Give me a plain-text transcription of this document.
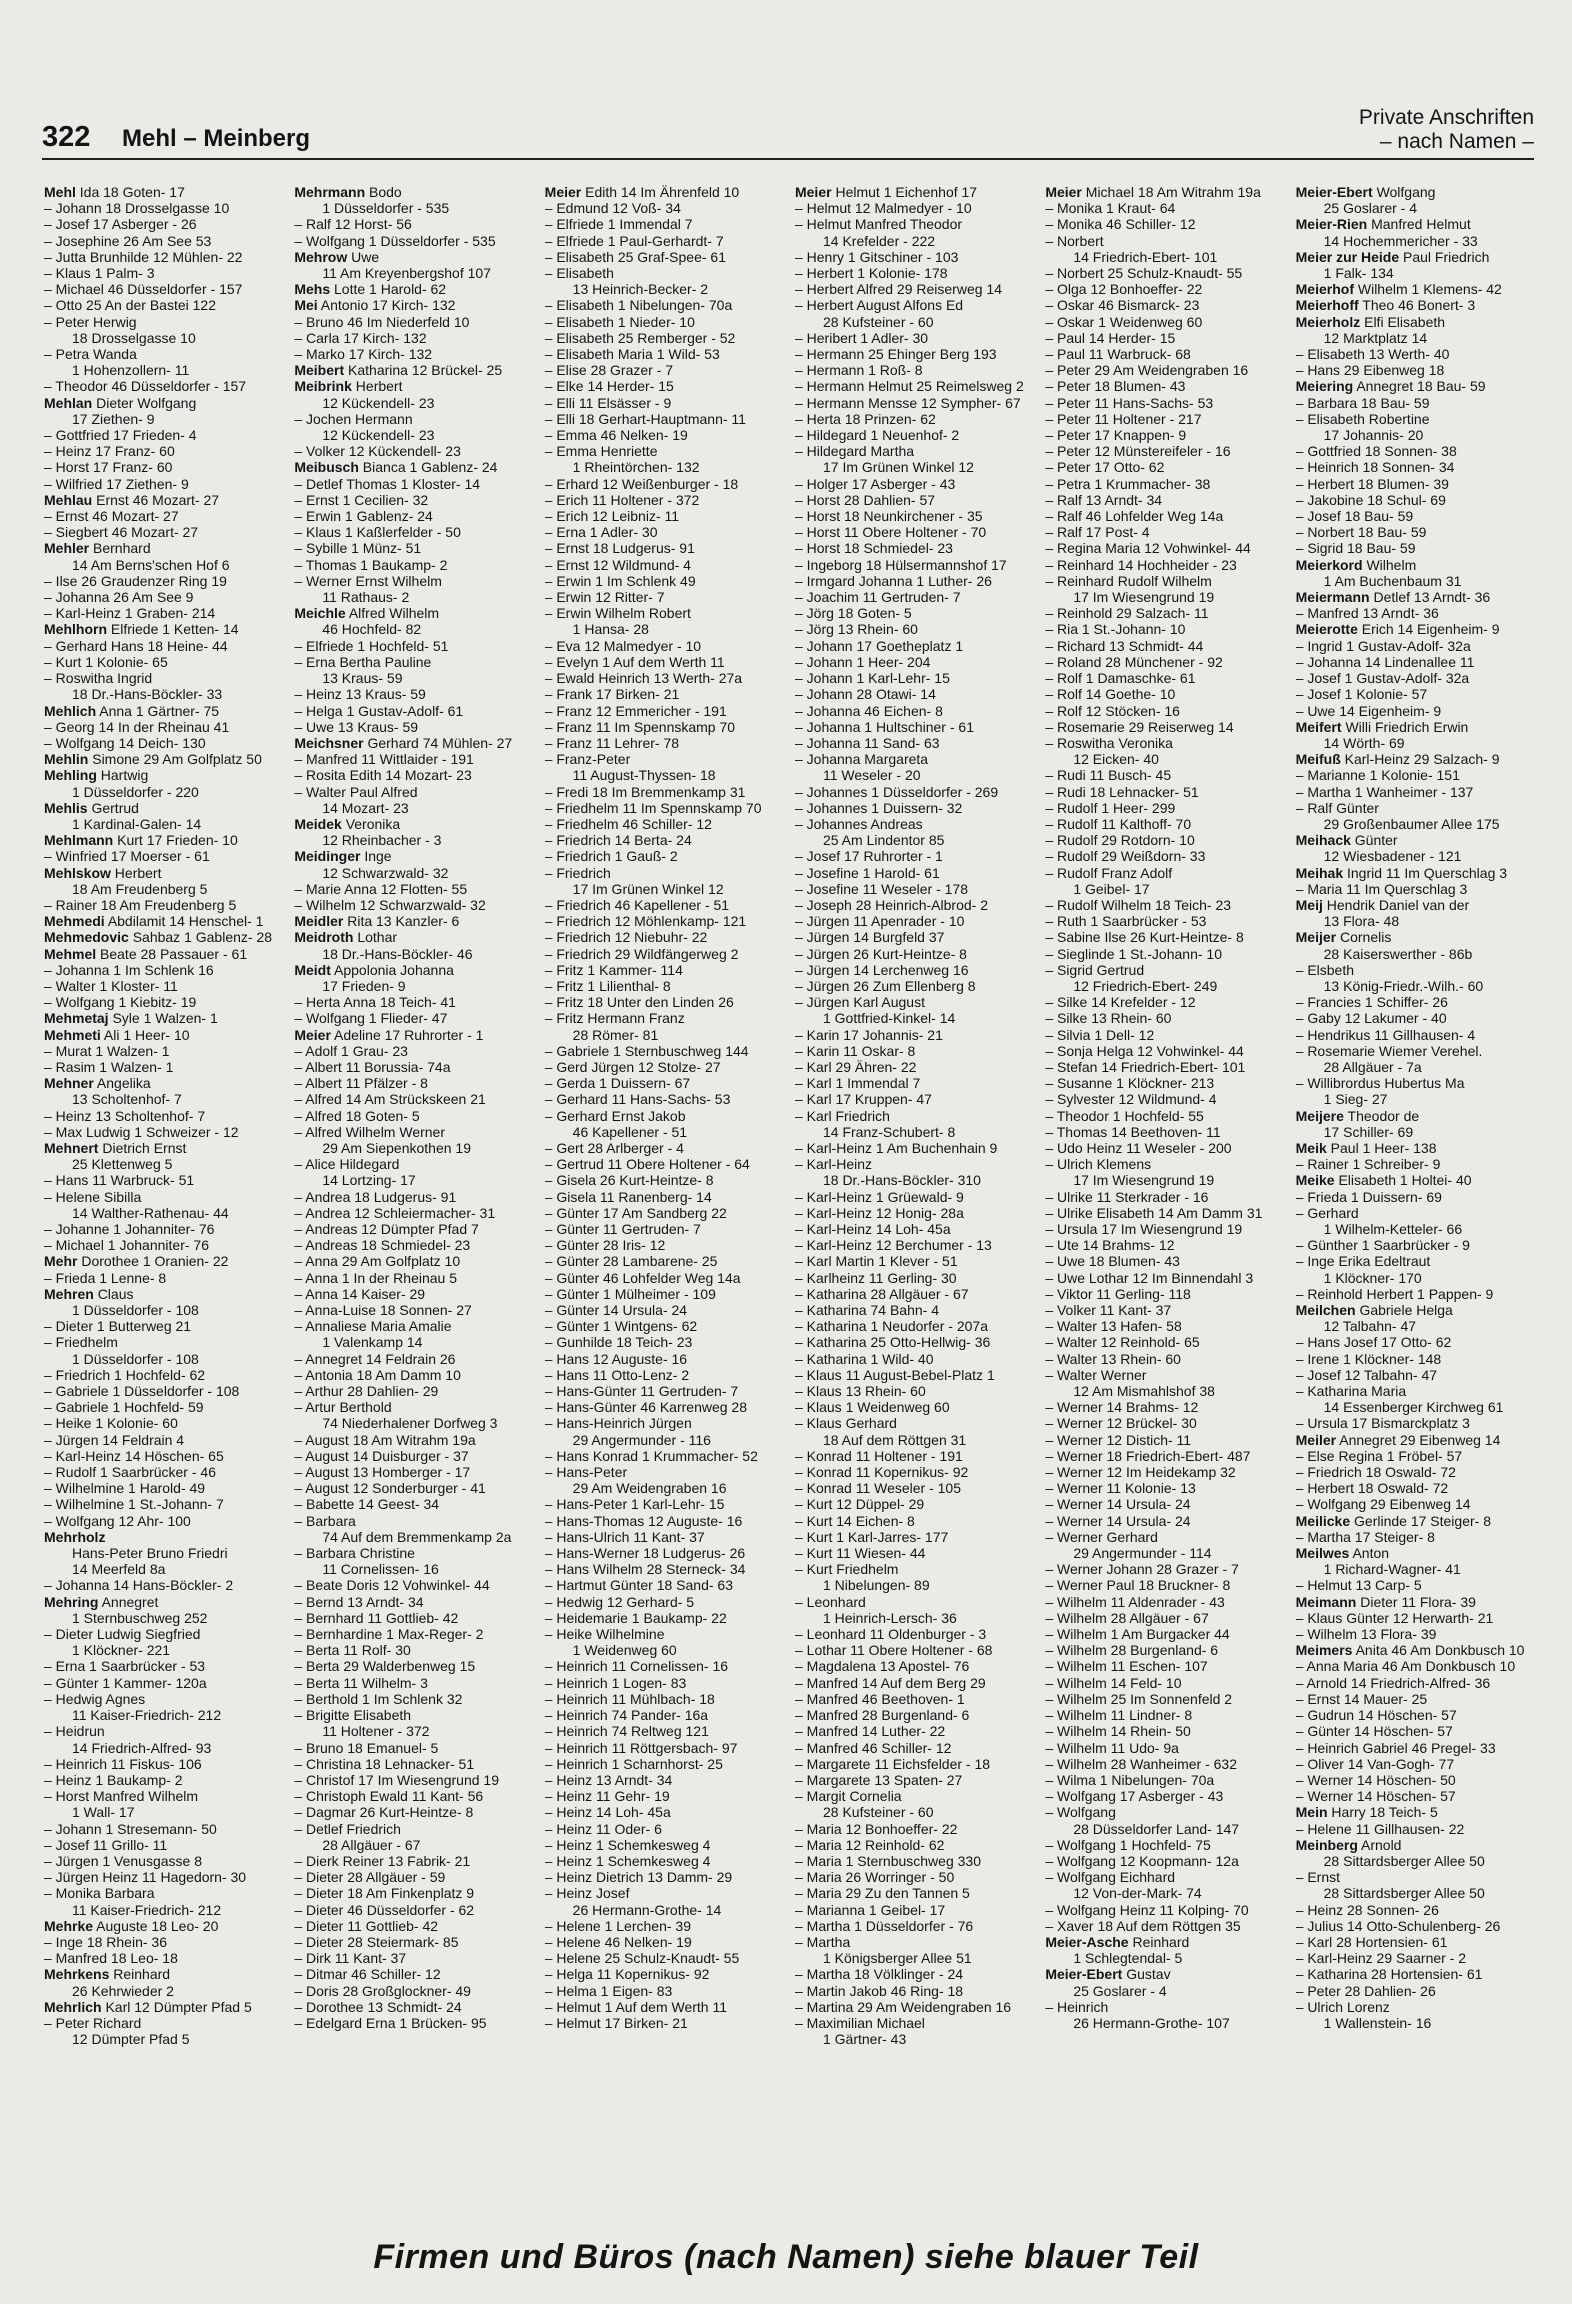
322 Mehl – Meinberg
Private Anschriften
– nach Namen –
Mehl Ida 18 Goten- 17
– Johann 18 Drosselgasse 10
– Josef 17 Asberger - 26
– Josephine 26 Am See 53
– Jutta Brunhilde 12 Mühlen- 22
– Klaus 1 Palm- 3
– Michael 46 Düsseldorfer - 157
– Otto 25 An der Bastei 122
– Peter Herwig
18 Drosselgasse 10
– Petra Wanda
1 Hohenzollern- 11
– Theodor 46 Düsseldorfer - 157
Mehlan Dieter Wolfgang
17 Ziethen- 9
– Gottfried 17 Frieden- 4
– Heinz 17 Franz- 60
– Horst 17 Franz- 60
– Wilfried 17 Ziethen- 9
Mehlau Ernst 46 Mozart- 27
– Ernst 46 Mozart- 27
– Siegbert 46 Mozart- 27
Mehler Bernhard
14 Am Berns'schen Hof 6
– Ilse 26 Graudenzer Ring 19
– Johanna 26 Am See 9
– Karl-Heinz 1 Graben- 214
Mehlhorn Elfriede 1 Ketten- 14
– Gerhard Hans 18 Heine- 44
– Kurt 1 Kolonie- 65
– Roswitha Ingrid
18 Dr.-Hans-Böckler- 33
Mehlich Anna 1 Gärtner- 75
– Georg 14 In der Rheinau 41
– Wolfgang 14 Deich- 130
Mehlin Simone 29 Am Golfplatz 50
Mehling Hartwig
1 Düsseldorfer - 220
Mehlis Gertrud
1 Kardinal-Galen- 14
Mehlmann Kurt 17 Frieden- 10
– Winfried 17 Moerser - 61
Mehlskow Herbert
18 Am Freudenberg 5
– Rainer 18 Am Freudenberg 5
Mehmedi Abdilamit 14 Henschel- 1
Mehmedovic Sahbaz 1 Gablenz- 28
Mehmel Beate 28 Passauer - 61
– Johanna 1 Im Schlenk 16
– Walter 1 Kloster- 11
– Wolfgang 1 Kiebitz- 19
Mehmetaj Syle 1 Walzen- 1
Mehmeti Ali 1 Heer- 10
– Murat 1 Walzen- 1
– Rasim 1 Walzen- 1
Mehner Angelika
13 Scholtenhof- 7
– Heinz 13 Scholtenhof- 7
– Max Ludwig 1 Schweizer - 12
Mehnert Dietrich Ernst
25 Klettenweg 5
– Hans 11 Warbruck- 51
– Helene Sibilla
14 Walther-Rathenau- 44
– Johanne 1 Johanniter- 76
– Michael 1 Johanniter- 76
Mehr Dorothee 1 Oranien- 22
– Frieda 1 Lenne- 8
Mehren Claus
1 Düsseldorfer - 108
– Dieter 1 Butterweg 21
– Friedhelm
1 Düsseldorfer - 108
– Friedrich 1 Hochfeld- 62
– Gabriele 1 Düsseldorfer - 108
– Gabriele 1 Hochfeld- 59
– Heike 1 Kolonie- 60
– Jürgen 14 Feldrain 4
– Karl-Heinz 14 Höschen- 65
– Rudolf 1 Saarbrücker - 46
– Wilhelmine 1 Harold- 49
– Wilhelmine 1 St.-Johann- 7
– Wolfgang 12 Ahr- 100
Mehrholz
Hans-Peter Bruno Friedri
14 Meerfeld 8a
– Johanna 14 Hans-Böckler- 2
Mehring Annegret
1 Sternbuschweg 252
– Dieter Ludwig Siegfried
1 Klöckner- 221
– Erna 1 Saarbrücker - 53
– Günter 1 Kammer- 120a
– Hedwig Agnes
11 Kaiser-Friedrich- 212
– Heidrun
14 Friedrich-Alfred- 93
– Heinrich 11 Fiskus- 106
– Heinz 1 Baukamp- 2
– Horst Manfred Wilhelm
1 Wall- 17
– Johann 1 Stresemann- 50
– Josef 11 Grillo- 11
– Jürgen 1 Venusgasse 8
– Jürgen Heinz 11 Hagedorn- 30
– Monika Barbara
11 Kaiser-Friedrich- 212
Mehrke Auguste 18 Leo- 20
– Inge 18 Rhein- 36
– Manfred 18 Leo- 18
Mehrkens Reinhard
26 Kehrwieder 2
Mehrlich Karl 12 Dümpter Pfad 5
– Peter Richard
12 Dümpter Pfad 5
Mehrmann Bodo
1 Düsseldorfer - 535
– Ralf 12 Horst- 56
– Wolfgang 1 Düsseldorfer - 535
Mehrow Uwe
11 Am Kreyenbergshof 107
Mehs Lotte 1 Harold- 62
Mei Antonio 17 Kirch- 132
– Bruno 46 Im Niederfeld 10
– Carla 17 Kirch- 132
– Marko 17 Kirch- 132
Meibert Katharina 12 Brückel- 25
Meibrink Herbert
12 Kückendell- 23
– Jochen Hermann
12 Kückendell- 23
– Volker 12 Kückendell- 23
Meibusch Bianca 1 Gablenz- 24
– Detlef Thomas 1 Kloster- 14
– Ernst 1 Cecilien- 32
– Erwin 1 Gablenz- 24
– Klaus 1 Kaßlerfelder - 50
– Sybille 1 Münz- 51
– Thomas 1 Baukamp- 2
– Werner Ernst Wilhelm
11 Rathaus- 2
Meichle Alfred Wilhelm
46 Hochfeld- 82
– Elfriede 1 Hochfeld- 51
– Erna Bertha Pauline
13 Kraus- 59
– Heinz 13 Kraus- 59
– Helga 1 Gustav-Adolf- 61
– Uwe 13 Kraus- 59
Meichsner Gerhard 74 Mühlen- 27
– Manfred 11 Wittlaider - 191
– Rosita Edith 14 Mozart- 23
– Walter Paul Alfred
14 Mozart- 23
Meidek Veronika
12 Rheinbacher - 3
Meidinger Inge
12 Schwarzwald- 32
– Marie Anna 12 Flotten- 55
– Wilhelm 12 Schwarzwald- 32
Meidler Rita 13 Kanzler- 6
Meidroth Lothar
18 Dr.-Hans-Böckler- 46
Meidt Appolonia Johanna
17 Frieden- 9
– Herta Anna 18 Teich- 41
– Wolfgang 1 Flieder- 47
Meier Adeline 17 Ruhrorter - 1
– Adolf 1 Grau- 23
– Albert 11 Borussia- 74a
– Albert 11 Pfälzer - 8
– Alfred 14 Am Strückskeen 21
– Alfred 18 Goten- 5
– Alfred Wilhelm Werner
29 Am Siepenkothen 19
– Alice Hildegard
14 Lortzing- 17
– Andrea 18 Ludgerus- 91
– Andrea 12 Schleiermacher- 31
– Andreas 12 Dümpter Pfad 7
– Andreas 18 Schmiedel- 23
– Anna 29 Am Golfplatz 10
– Anna 1 In der Rheinau 5
– Anna 14 Kaiser- 29
– Anna-Luise 18 Sonnen- 27
– Annaliese Maria Amalie
1 Valenkamp 14
– Annegret 14 Feldrain 26
– Antonia 18 Am Damm 10
– Arthur 28 Dahlien- 29
– Artur Berthold
74 Niederhalener Dorfweg 3
– August 18 Am Witrahm 19a
– August 14 Duisburger - 37
– August 13 Homberger - 17
– August 12 Sonderburger - 41
– Babette 14 Geest- 34
– Barbara
74 Auf dem Bremmenkamp 2a
– Barbara Christine
11 Cornelissen- 16
– Beate Doris 12 Vohwinkel- 44
– Bernd 13 Arndt- 34
– Bernhard 11 Gottlieb- 42
– Bernhardine 1 Max-Reger- 2
– Berta 11 Rolf- 30
– Berta 29 Walderbenweg 15
– Berta 11 Wilhelm- 3
– Berthold 1 Im Schlenk 32
– Brigitte Elisabeth
11 Holtener - 372
– Bruno 18 Emanuel- 5
– Christina 18 Lehnacker- 51
– Christof 17 Im Wiesengrund 19
– Christoph Ewald 11 Kant- 56
– Dagmar 26 Kurt-Heintze- 8
– Detlef Friedrich
28 Allgäuer - 67
– Dierk Reiner 13 Fabrik- 21
– Dieter 28 Allgäuer - 59
– Dieter 18 Am Finkenplatz 9
– Dieter 46 Düsseldorfer - 62
– Dieter 11 Gottlieb- 42
– Dieter 28 Steiermark- 85
– Dirk 11 Kant- 37
– Ditmar 46 Schiller- 12
– Doris 28 Großglockner- 49
– Dorothee 13 Schmidt- 24
– Edelgard Erna 1 Brücken- 95
Meier Edith 14 Im Ährenfeld 10
– Edmund 12 Voß- 34
– Elfriede 1 Immendal 7
– Elfriede 1 Paul-Gerhardt- 7
– Elisabeth 25 Graf-Spee- 61
– Elisabeth
13 Heinrich-Becker- 2
– Elisabeth 1 Nibelungen- 70a
– Elisabeth 1 Nieder- 10
– Elisabeth 25 Remberger - 52
– Elisabeth Maria 1 Wild- 53
– Elise 28 Grazer - 7
– Elke 14 Herder- 15
– Elli 11 Elsässer - 9
– Elli 18 Gerhart-Hauptmann- 11
– Emma 46 Nelken- 19
– Emma Henriette
1 Rheintörchen- 132
– Erhard 12 Weißenburger - 18
– Erich 11 Holtener - 372
– Erich 12 Leibniz- 11
– Erna 1 Adler- 30
– Ernst 18 Ludgerus- 91
– Ernst 12 Wildmund- 4
– Erwin 1 Im Schlenk 49
– Erwin 12 Ritter- 7
– Erwin Wilhelm Robert
1 Hansa- 28
– Eva 12 Malmedyer - 10
– Evelyn 1 Auf dem Werth 11
– Ewald Heinrich 13 Werth- 27a
– Frank 17 Birken- 21
– Franz 12 Emmericher - 191
– Franz 11 Im Spennskamp 70
– Franz 11 Lehrer- 78
– Franz-Peter
11 August-Thyssen- 18
– Fredi 18 Im Bremmenkamp 31
– Friedhelm 11 Im Spennskamp 70
– Friedhelm 46 Schiller- 12
– Friedrich 14 Berta- 24
– Friedrich 1 Gauß- 2
– Friedrich
17 Im Grünen Winkel 12
– Friedrich 46 Kapellener - 51
– Friedrich 12 Möhlenkamp- 121
– Friedrich 12 Niebuhr- 22
– Friedrich 29 Wildfängerweg 2
– Fritz 1 Kammer- 114
– Fritz 1 Lilienthal- 8
– Fritz 18 Unter den Linden 26
– Fritz Hermann Franz
28 Römer- 81
– Gabriele 1 Sternbuschweg 144
– Gerd Jürgen 12 Stolze- 27
– Gerda 1 Duissern- 67
– Gerhard 11 Hans-Sachs- 53
– Gerhard Ernst Jakob
46 Kapellener - 51
– Gert 28 Arlberger - 4
– Gertrud 11 Obere Holtener - 64
– Gisela 26 Kurt-Heintze- 8
– Gisela 11 Ranenberg- 14
– Günter 17 Am Sandberg 22
– Günter 11 Gertruden- 7
– Günter 28 Iris- 12
– Günter 28 Lambarene- 25
– Günter 46 Lohfelder Weg 14a
– Günter 1 Mülheimer - 109
– Günter 14 Ursula- 24
– Günter 1 Wintgens- 62
– Gunhilde 18 Teich- 23
– Hans 12 Auguste- 16
– Hans 11 Otto-Lenz- 2
– Hans-Günter 11 Gertruden- 7
– Hans-Günter 46 Karrenweg 28
– Hans-Heinrich Jürgen
29 Angermunder - 116
– Hans Konrad 1 Krummacher- 52
– Hans-Peter
29 Am Weidengraben 16
– Hans-Peter 1 Karl-Lehr- 15
– Hans-Thomas 12 Auguste- 16
– Hans-Ulrich 11 Kant- 37
– Hans-Werner 18 Ludgerus- 26
– Hans Wilhelm 28 Sterneck- 34
– Hartmut Günter 18 Sand- 63
– Hedwig 12 Gerhard- 5
– Heidemarie 1 Baukamp- 22
– Heike Wilhelmine
1 Weidenweg 60
– Heinrich 11 Cornelissen- 16
– Heinrich 1 Logen- 83
– Heinrich 11 Mühlbach- 18
– Heinrich 74 Pander- 16a
– Heinrich 74 Reltweg 121
– Heinrich 11 Röttgersbach- 97
– Heinrich 1 Scharnhorst- 25
– Heinz 13 Arndt- 34
– Heinz 11 Gehr- 19
– Heinz 14 Loh- 45a
– Heinz 11 Oder- 6
– Heinz 1 Schemkesweg 4
– Heinz 1 Schemkesweg 4
– Heinz Dietrich 13 Damm- 29
– Heinz Josef
26 Hermann-Grothe- 14
– Helene 1 Lerchen- 39
– Helene 46 Nelken- 19
– Helene 25 Schulz-Knaudt- 55
– Helga 11 Kopernikus- 92
– Helma 1 Eigen- 83
– Helmut 1 Auf dem Werth 11
– Helmut 17 Birken- 21
Meier Helmut 1 Eichenhof 17
– Helmut 12 Malmedyer - 10
– Helmut Manfred Theodor
14 Krefelder - 222
– Henry 1 Gitschiner - 103
– Herbert 1 Kolonie- 178
– Herbert Alfred 29 Reiserweg 14
– Herbert August Alfons Ed
28 Kufsteiner - 60
– Heribert 1 Adler- 30
– Hermann 25 Ehinger Berg 193
– Hermann 1 Roß- 8
– Hermann Helmut 25 Reimelsweg 2
– Hermann Mensse 12 Sympher- 67
– Herta 18 Prinzen- 62
– Hildegard 1 Neuenhof- 2
– Hildegard Martha
17 Im Grünen Winkel 12
– Holger 17 Asberger - 43
– Horst 28 Dahlien- 57
– Horst 18 Neunkirchener - 35
– Horst 11 Obere Holtener - 70
– Horst 18 Schmiedel- 23
– Ingeborg 18 Hülsermannshof 17
– Irmgard Johanna 1 Luther- 26
– Joachim 11 Gertruden- 7
– Jörg 18 Goten- 5
– Jörg 13 Rhein- 60
– Johann 17 Goetheplatz 1
– Johann 1 Heer- 204
– Johann 1 Karl-Lehr- 15
– Johann 28 Otawi- 14
– Johanna 46 Eichen- 8
– Johanna 1 Hultschiner - 61
– Johanna 11 Sand- 63
– Johanna Margareta
11 Weseler - 20
– Johannes 1 Düsseldorfer - 269
– Johannes 1 Duissern- 32
– Johannes Andreas
25 Am Lindentor 85
– Josef 17 Ruhrorter - 1
– Josefine 1 Harold- 61
– Josefine 11 Weseler - 178
– Joseph 28 Heinrich-Albrod- 2
– Jürgen 11 Apenrader - 10
– Jürgen 14 Burgfeld 37
– Jürgen 26 Kurt-Heintze- 8
– Jürgen 14 Lerchenweg 16
– Jürgen 26 Zum Ellenberg 8
– Jürgen Karl August
1 Gottfried-Kinkel- 14
– Karin 17 Johannis- 21
– Karin 11 Oskar- 8
– Karl 29 Ähren- 22
– Karl 1 Immendal 7
– Karl 17 Kruppen- 47
– Karl Friedrich
14 Franz-Schubert- 8
– Karl-Heinz 1 Am Buchenhain 9
– Karl-Heinz
18 Dr.-Hans-Böckler- 310
– Karl-Heinz 1 Grüewald- 9
– Karl-Heinz 12 Honig- 28a
– Karl-Heinz 14 Loh- 45a
– Karl-Heinz 12 Berchumer - 13
– Karl Martin 1 Klever - 51
– Karlheinz 11 Gerling- 30
– Katharina 28 Allgäuer - 67
– Katharina 74 Bahn- 4
– Katharina 1 Neudorfer - 207a
– Katharina 25 Otto-Hellwig- 36
– Katharina 1 Wild- 40
– Klaus 11 August-Bebel-Platz 1
– Klaus 13 Rhein- 60
– Klaus 1 Weidenweg 60
– Klaus Gerhard
18 Auf dem Röttgen 31
– Konrad 11 Holtener - 191
– Konrad 11 Kopernikus- 92
– Konrad 11 Weseler - 105
– Kurt 12 Düppel- 29
– Kurt 14 Eichen- 8
– Kurt 1 Karl-Jarres- 177
– Kurt 11 Wiesen- 44
– Kurt Friedhelm
1 Nibelungen- 89
– Leonhard
1 Heinrich-Lersch- 36
– Leonhard 11 Oldenburger - 3
– Lothar 11 Obere Holtener - 68
– Magdalena 13 Apostel- 76
– Manfred 14 Auf dem Berg 29
– Manfred 46 Beethoven- 1
– Manfred 28 Burgenland- 6
– Manfred 14 Luther- 22
– Manfred 46 Schiller- 12
– Margarete 11 Eichsfelder - 18
– Margarete 13 Spaten- 27
– Margit Cornelia
28 Kufsteiner - 60
– Maria 12 Bonhoeffer- 22
– Maria 12 Reinhold- 62
– Maria 1 Sternbuschweg 330
– Maria 26 Worringer - 50
– Maria 29 Zu den Tannen 5
– Marianna 1 Geibel- 17
– Martha 1 Düsseldorfer - 76
– Martha
1 Königsberger Allee 51
– Martha 18 Völklinger - 24
– Martin Jakob 46 Ring- 18
– Martina 29 Am Weidengraben 16
– Maximilian Michael
1 Gärtner- 43
Meier Michael 18 Am Witrahm 19a
– Monika 1 Kraut- 64
– Monika 46 Schiller- 12
– Norbert
14 Friedrich-Ebert- 101
– Norbert 25 Schulz-Knaudt- 55
– Olga 12 Bonhoeffer- 22
– Oskar 46 Bismarck- 23
– Oskar 1 Weidenweg 60
– Paul 14 Herder- 15
– Paul 11 Warbruck- 68
– Peter 29 Am Weidengraben 16
– Peter 18 Blumen- 43
– Peter 11 Hans-Sachs- 53
– Peter 11 Holtener - 217
– Peter 17 Knappen- 9
– Peter 12 Münstereifeler - 16
– Peter 17 Otto- 62
– Petra 1 Krummacher- 38
– Ralf 13 Arndt- 34
– Ralf 46 Lohfelder Weg 14a
– Ralf 17 Post- 4
– Regina Maria 12 Vohwinkel- 44
– Reinhard 14 Hochheider - 23
– Reinhard Rudolf Wilhelm
17 Im Wiesengrund 19
– Reinhold 29 Salzach- 11
– Ria 1 St.-Johann- 10
– Richard 13 Schmidt- 44
– Roland 28 Münchener - 92
– Rolf 1 Damaschke- 61
– Rolf 14 Goethe- 10
– Rolf 12 Stöcken- 16
– Rosemarie 29 Reiserweg 14
– Roswitha Veronika
12 Eicken- 40
– Rudi 11 Busch- 45
– Rudi 18 Lehnacker- 51
– Rudolf 1 Heer- 299
– Rudolf 11 Kalthoff- 70
– Rudolf 29 Rotdorn- 10
– Rudolf 29 Weißdorn- 33
– Rudolf Franz Adolf
1 Geibel- 17
– Rudolf Wilhelm 18 Teich- 23
– Ruth 1 Saarbrücker - 53
– Sabine Ilse 26 Kurt-Heintze- 8
– Sieglinde 1 St.-Johann- 10
– Sigrid Gertrud
12 Friedrich-Ebert- 249
– Silke 14 Krefelder - 12
– Silke 13 Rhein- 60
– Silvia 1 Dell- 12
– Sonja Helga 12 Vohwinkel- 44
– Stefan 14 Friedrich-Ebert- 101
– Susanne 1 Klöckner- 213
– Sylvester 12 Wildmund- 4
– Theodor 1 Hochfeld- 55
– Thomas 14 Beethoven- 11
– Udo Heinz 11 Weseler - 200
– Ulrich Klemens
17 Im Wiesengrund 19
– Ulrike 11 Sterkrader - 16
– Ulrike Elisabeth 14 Am Damm 31
– Ursula 17 Im Wiesengrund 19
– Ute 14 Brahms- 12
– Uwe 18 Blumen- 43
– Uwe Lothar 12 Im Binnendahl 3
– Viktor 11 Gerling- 118
– Volker 11 Kant- 37
– Walter 13 Hafen- 58
– Walter 12 Reinhold- 65
– Walter 13 Rhein- 60
– Walter Werner
12 Am Mismahlshof 38
– Werner 14 Brahms- 12
– Werner 12 Brückel- 30
– Werner 12 Distich- 11
– Werner 18 Friedrich-Ebert- 487
– Werner 12 Im Heidekamp 32
– Werner 11 Kolonie- 13
– Werner 14 Ursula- 24
– Werner 14 Ursula- 24
– Werner Gerhard
29 Angermunder - 114
– Werner Johann 28 Grazer - 7
– Werner Paul 18 Bruckner- 8
– Wilhelm 11 Aldenrader - 43
– Wilhelm 28 Allgäuer - 67
– Wilhelm 1 Am Burgacker 44
– Wilhelm 28 Burgenland- 6
– Wilhelm 11 Eschen- 107
– Wilhelm 14 Feld- 10
– Wilhelm 25 Im Sonnenfeld 2
– Wilhelm 11 Lindner- 8
– Wilhelm 14 Rhein- 50
– Wilhelm 11 Udo- 9a
– Wilhelm 28 Wanheimer - 632
– Wilma 1 Nibelungen- 70a
– Wolfgang 17 Asberger - 43
– Wolfgang
28 Düsseldorfer Land- 147
– Wolfgang 1 Hochfeld- 75
– Wolfgang 12 Koopmann- 12a
– Wolfgang Eichhard
12 Von-der-Mark- 74
– Wolfgang Heinz 11 Kolping- 70
– Xaver 18 Auf dem Röttgen 35
Meier-Asche Reinhard
1 Schlegtendal- 5
Meier-Ebert Gustav
25 Goslarer - 4
– Heinrich
26 Hermann-Grothe- 107
Meier-Ebert Wolfgang
25 Goslarer - 4
Meier-Rien Manfred Helmut
14 Hochemmericher - 33
Meier zur Heide Paul Friedrich
1 Falk- 134
Meierhof Wilhelm 1 Klemens- 42
Meierhoff Theo 46 Bonert- 3
Meierholz Elfi Elisabeth
12 Marktplatz 14
– Elisabeth 13 Werth- 40
– Hans 29 Eibenweg 18
Meiering Annegret 18 Bau- 59
– Barbara 18 Bau- 59
– Elisabeth Robertine
17 Johannis- 20
– Gottfried 18 Sonnen- 38
– Heinrich 18 Sonnen- 34
– Herbert 18 Blumen- 39
– Jakobine 18 Schul- 69
– Josef 18 Bau- 59
– Norbert 18 Bau- 59
– Sigrid 18 Bau- 59
Meierkord Wilhelm
1 Am Buchenbaum 31
Meiermann Detlef 13 Arndt- 36
– Manfred 13 Arndt- 36
Meierotte Erich 14 Eigenheim- 9
– Ingrid 1 Gustav-Adolf- 32a
– Johanna 14 Lindenallee 11
– Josef 1 Gustav-Adolf- 32a
– Josef 1 Kolonie- 57
– Uwe 14 Eigenheim- 9
Meifert Willi Friedrich Erwin
14 Wörth- 69
Meifuß Karl-Heinz 29 Salzach- 9
– Marianne 1 Kolonie- 151
– Martha 1 Wanheimer - 137
– Ralf Günter
29 Großenbaumer Allee 175
Meihack Günter
12 Wiesbadener - 121
Meihak Ingrid 11 Im Querschlag 3
– Maria 11 Im Querschlag 3
Meij Hendrik Daniel van der
13 Flora- 48
Meijer Cornelis
28 Kaiserswerther - 86b
– Elsbeth
13 König-Friedr.-Wilh.- 60
– Francies 1 Schiffer- 26
– Gaby 12 Lakumer - 40
– Hendrikus 11 Gillhausen- 4
– Rosemarie Wiemer Verehel.
28 Allgäuer - 7a
– Willibrordus Hubertus Ma
1 Sieg- 27
Meijere Theodor de
17 Schiller- 69
Meik Paul 1 Heer- 138
– Rainer 1 Schreiber- 9
Meike Elisabeth 1 Holtei- 40
– Frieda 1 Duissern- 69
– Gerhard
1 Wilhelm-Ketteler- 66
– Günther 1 Saarbrücker - 9
– Inge Erika Edeltraut
1 Klöckner- 170
– Reinhold Herbert 1 Pappen- 9
Meilchen Gabriele Helga
12 Talbahn- 47
– Hans Josef 17 Otto- 62
– Irene 1 Klöckner- 148
– Josef 12 Talbahn- 47
– Katharina Maria
14 Essenberger Kirchweg 61
– Ursula 17 Bismarckplatz 3
Meiler Annegret 29 Eibenweg 14
– Else Regina 1 Fröbel- 57
– Friedrich 18 Oswald- 72
– Herbert 18 Oswald- 72
– Wolfgang 29 Eibenweg 14
Meilicke Gerlinde 17 Steiger- 8
– Martha 17 Steiger- 8
Meilwes Anton
1 Richard-Wagner- 41
– Helmut 13 Carp- 5
Meimann Dieter 11 Flora- 39
– Klaus Günter 12 Herwarth- 21
– Wilhelm 13 Flora- 39
Meimers Anita 46 Am Donkbusch 10
– Anna Maria 46 Am Donkbusch 10
– Arnold 14 Friedrich-Alfred- 36
– Ernst 14 Mauer- 25
– Gudrun 14 Höschen- 57
– Günter 14 Höschen- 57
– Heinrich Gabriel 46 Pregel- 33
– Oliver 14 Van-Gogh- 77
– Werner 14 Höschen- 50
– Werner 14 Höschen- 57
Mein Harry 18 Teich- 5
– Helene 11 Gillhausen- 22
Meinberg Arnold
28 Sittardsberger Allee 50
– Ernst
28 Sittardsberger Allee 50
– Heinz 28 Sonnen- 26
– Julius 14 Otto-Schulenberg- 26
– Karl 28 Hortensien- 61
– Karl-Heinz 29 Saarner - 2
– Katharina 28 Hortensien- 61
– Peter 28 Dahlien- 26
– Ulrich Lorenz
1 Wallenstein- 16
Firmen und Büros (nach Namen) siehe blauer Teil
